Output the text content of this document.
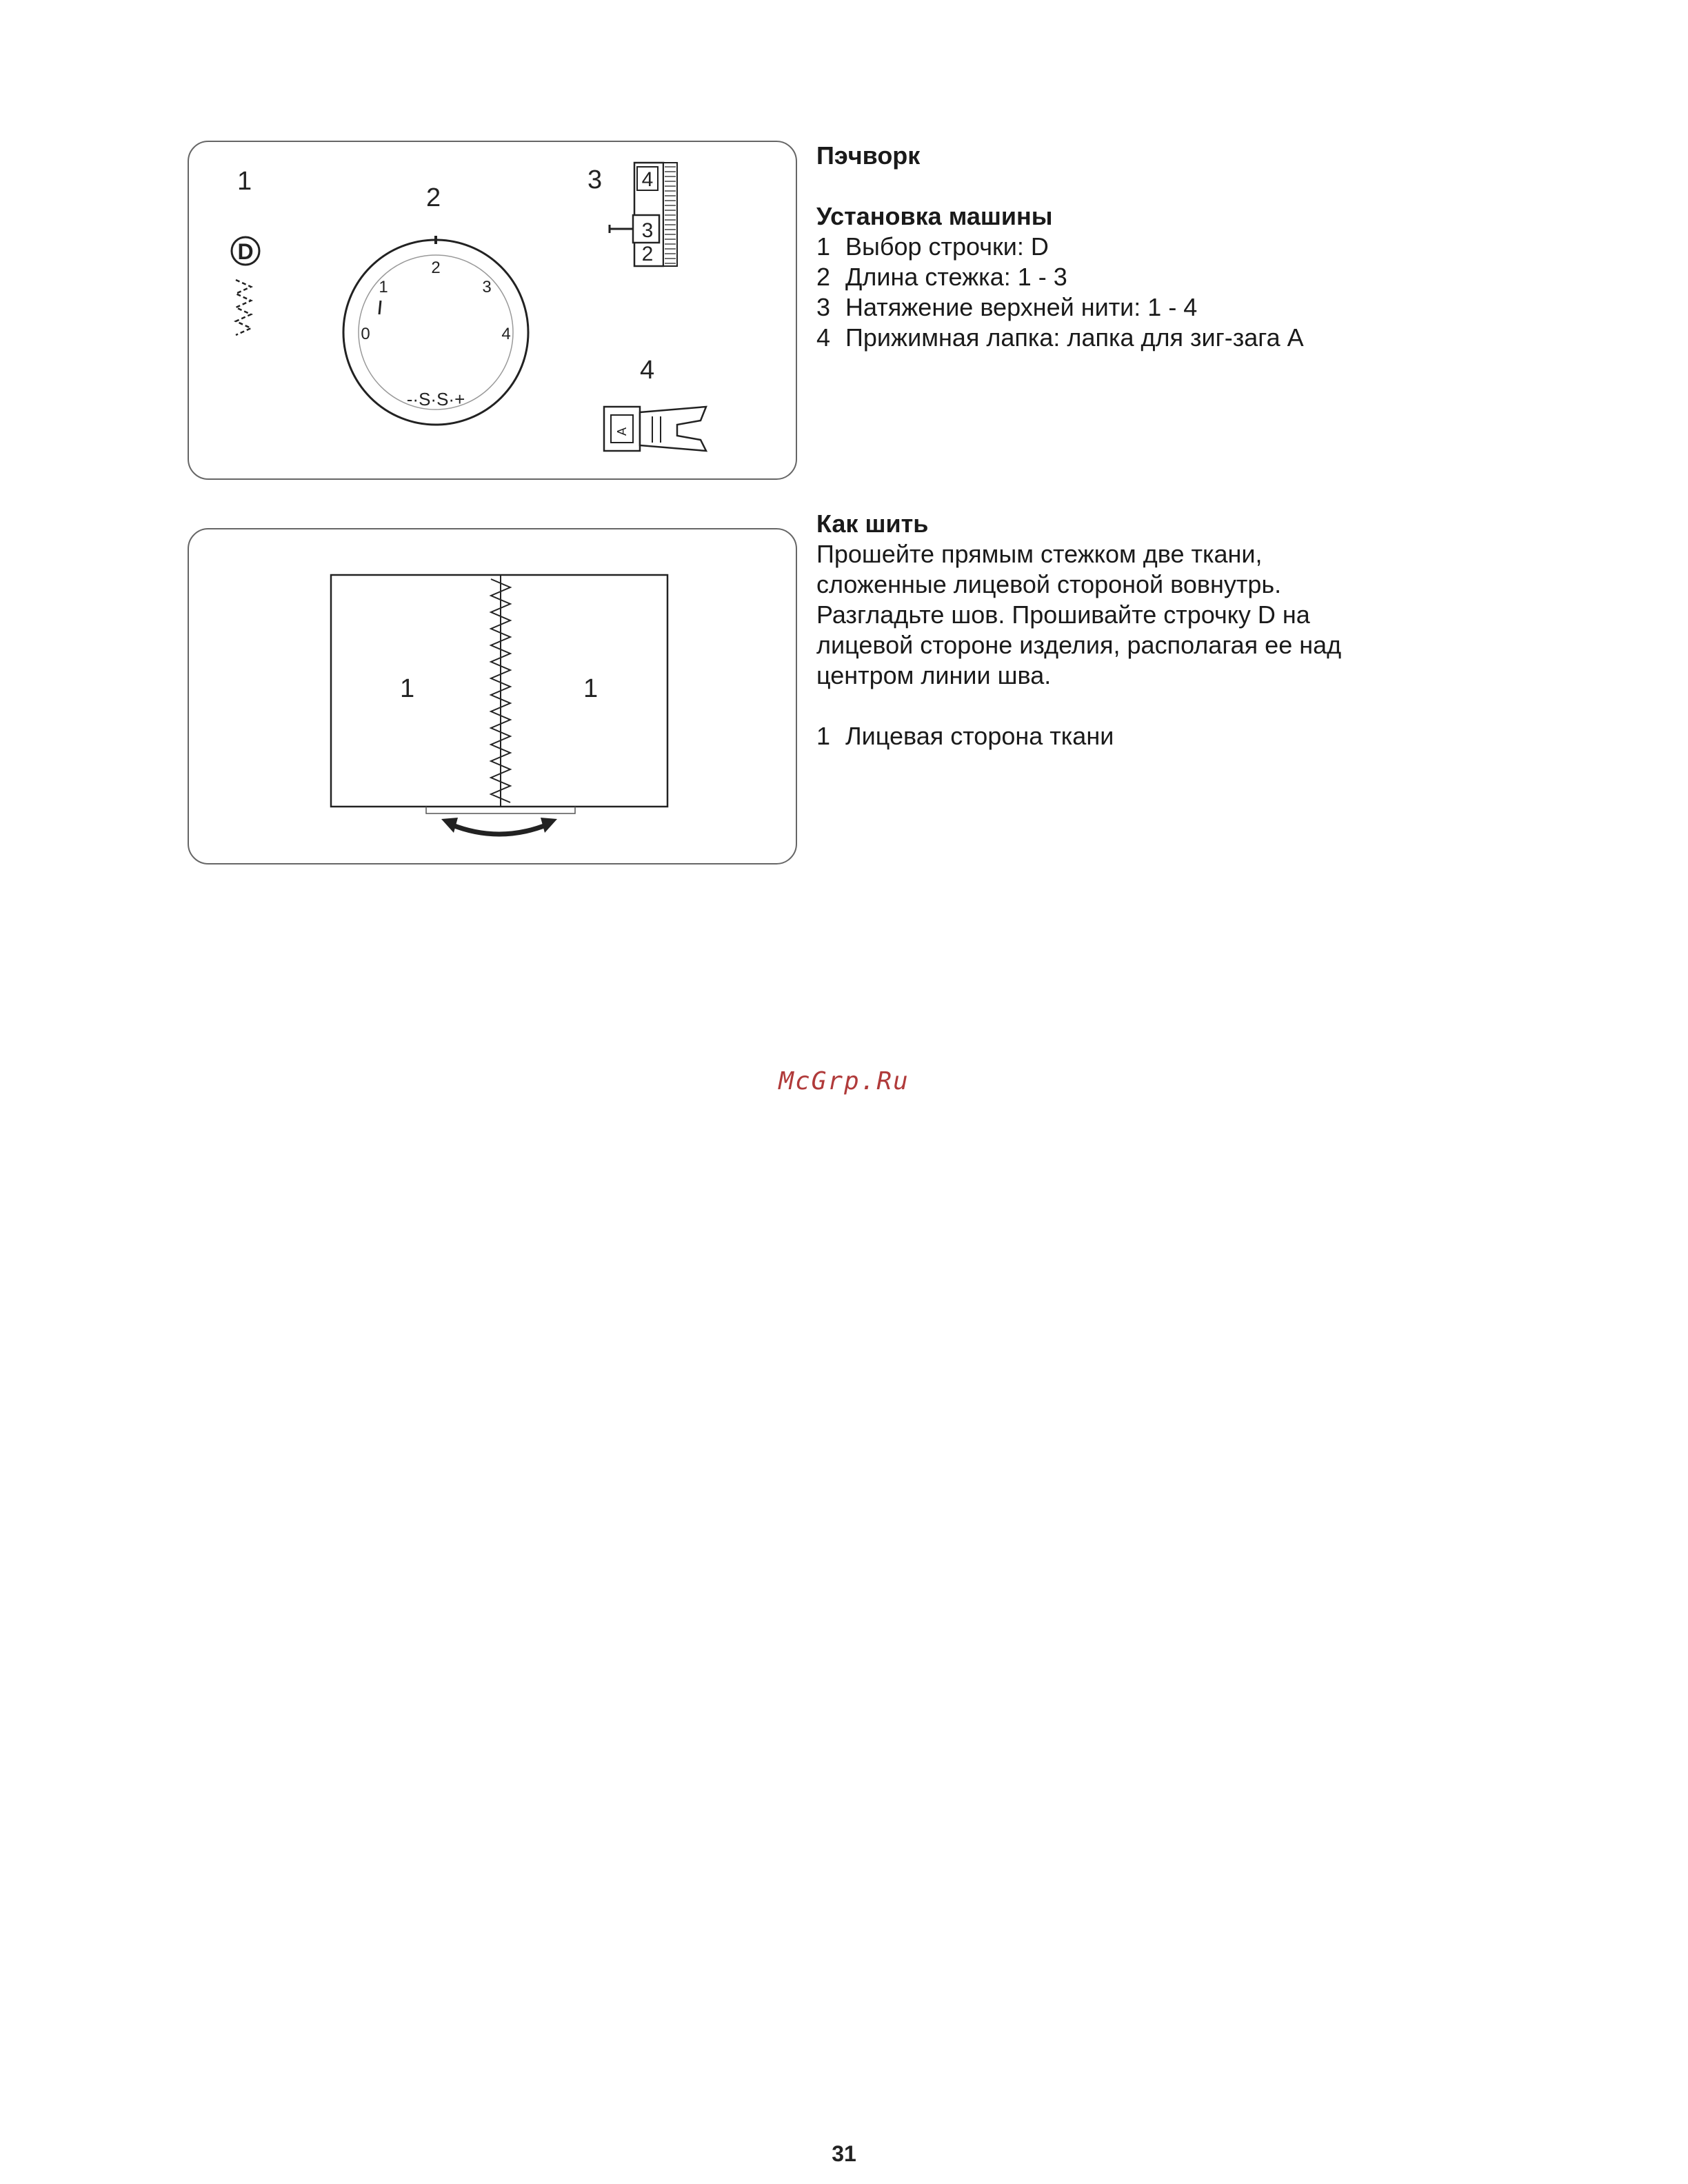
D
2
1	3
0	4
-·S·S·+
4
3
2
A
1
2
3
4
1	1

Пэчворк

Установка машины

1 Выбор строчки: D
2 Длина стежка: 1 - 3
3 Натяжение верхней нити: 1 - 4
4 Прижимная лапка: лапка для зиг-зага А

Как шить

Прошейте прямым стежком две ткани,

сложенные лицевой стороной вовнутрь.

Разгладьте шов. Прошивайте строчку D на

лицевой стороне изделия, располагая ее над

центром линии шва.

1 Лицевая сторона ткани
McGrp.Ru
31
